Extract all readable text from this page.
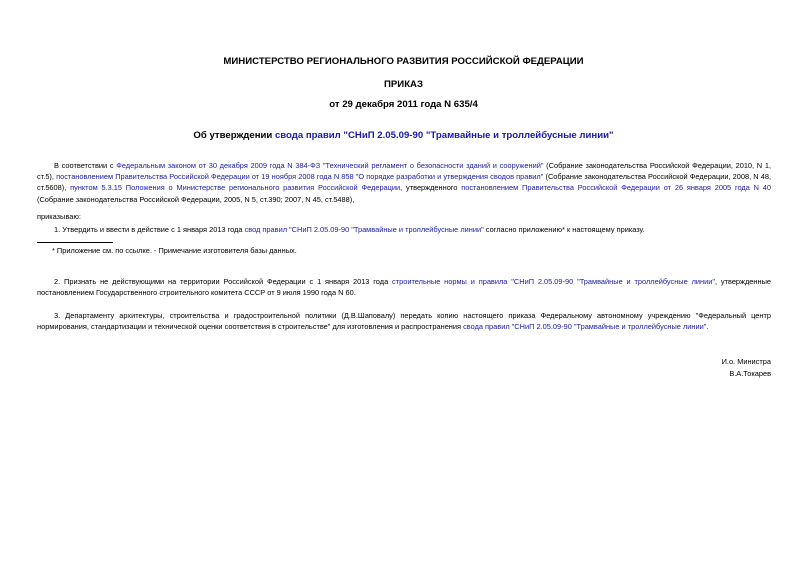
МИНИСТЕРСТВО РЕГИОНАЛЬНОГО РАЗВИТИЯ РОССИЙСКОЙ ФЕДЕРАЦИИ
ПРИКАЗ
от 29 декабря 2011 года N 635/4
Об утверждении свода правил "СНиП 2.05.09-90 "Трамвайные и троллейбусные линии"
В соответствии с Федеральным законом от 30 декабря 2009 года N 384-ФЗ "Технический регламент о безопасности зданий и сооружений" (Собрание законодательства Российской Федерации, 2010, N 1, ст.5), постановлением Правительства Российской Федерации от 19 ноября 2008 года N 858 "О порядке разработки и утверждения сводов правил" (Собрание законодательства Российской Федерации, 2008, N 48, ст.5608), пунктом 5.3.15 Положения о Министерстве регионального развития Российской Федерации, утвержденного постановлением Правительства Российской Федерации от 26 января 2005 года N 40 (Собрание законодательства Российской Федерации, 2005, N 5, ст.390; 2007, N 45, ст.5488),
приказываю:
1. Утвердить и ввести в действие с 1 января 2013 года свод правил "СНиП 2.05.09-90 "Трамвайные и троллейбусные линии" согласно приложению* к настоящему приказу.
* Приложение см. по ссылке. - Примечание изготовителя базы данных.
2. Признать не действующими на территории Российской Федерации с 1 января 2013 года строительные нормы и правила "СНиП 2.05.09-90 "Трамвайные и троллейбусные линии", утвержденные постановлением Государственного строительного комитета СССР от 9 июля 1990 года N 60.
3. Департаменту архитектуры, строительства и градостроительной политики (Д.В.Шаповалу) передать копию настоящего приказа Федеральному автономному учреждению "Федеральный центр нормирования, стандартизации и технической оценки соответствия в строительстве" для изготовления и распространения свода правил "СНиП 2.05.09-90 "Трамвайные и троллейбусные линии".
И.о. Министра
В.А.Токарев
